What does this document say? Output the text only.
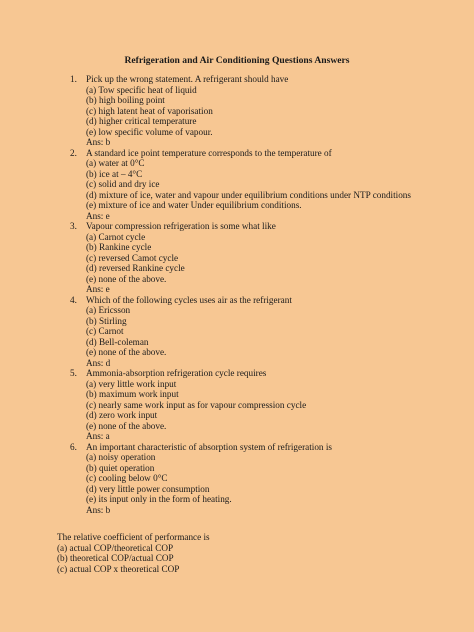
Refrigeration and Air Conditioning Questions Answers
1. Pick up the wrong statement. A refrigerant should have
(a) Tow specific heat of liquid
(b) high boiling point
(c) high latent heat of vaporisation
(d) higher critical temperature
(e) low specific volume of vapour.
Ans: b
2. A standard ice point temperature corresponds to the temperature of
(a) water at 0°C
(b) ice at – 4°C
(c) solid and dry ice
(d) mixture of ice, water and vapour under equilibrium conditions under NTP conditions
(e) mixture of ice and water Under equilibrium conditions.
Ans: e
3. Vapour compression refrigeration is some what like
(a) Carnot cycle
(b) Rankine cycle
(c) reversed Camot cycle
(d) reversed Rankine cycle
(e) none of the above.
Ans: e
4. Which of the following cycles uses air as the refrigerant
(a) Ericsson
(b) Stirling
(c) Carnot
(d) Bell-coleman
(e) none of the above.
Ans: d
5. Ammonia-absorption refrigeration cycle requires
(a) very little work input
(b) maximum work input
(c) nearly same work input as for vapour compression cycle
(d) zero work input
(e) none of the above.
Ans: a
6. An important characteristic of absorption system of refrigeration is
(a) noisy operation
(b) quiet operation
(c) cooling below 0°C
(d) very little power consumption
(e) its input only in the form of heating.
Ans: b
The relative coefficient of performance is
(a) actual COP/theoretical COP
(b) theoretical COP/actual COP
(c) actual COP x theoretical COP
